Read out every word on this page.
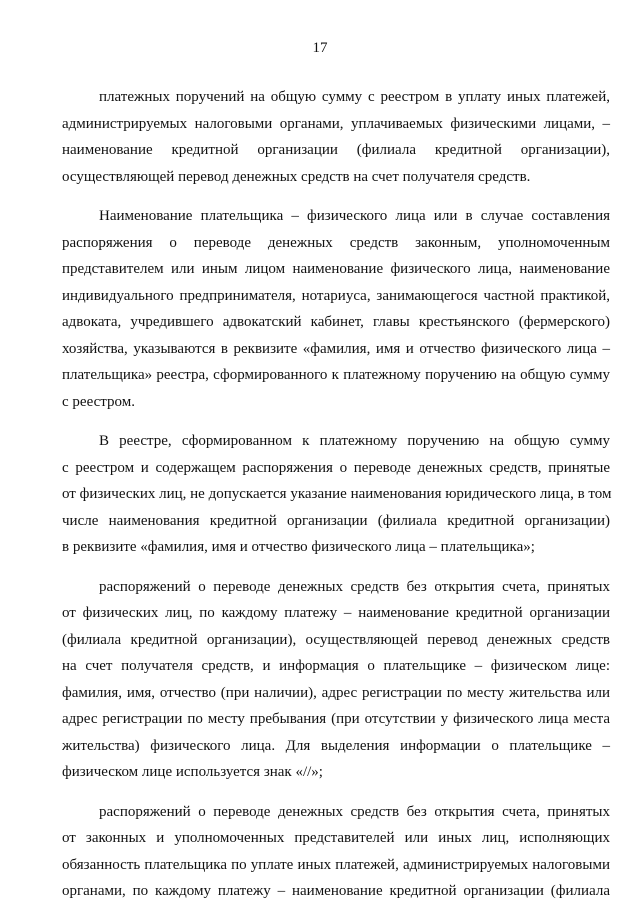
17

платежных поручений на общую сумму с реестром в уплату иных платежей,
администрируемых налоговыми органами, уплачиваемых физическими лицами, –
наименование кредитной организации (филиала кредитной организации),
осуществляющей перевод денежных средств на счет получателя средств.

Наименование плательщика – физического лица или в случае составления
распоряжения о переводе денежных средств законным, уполномоченным
представителем или иным лицом наименование физического лица, наименование
индивидуального предпринимателя, нотариуса, занимающегося частной практикой,
адвоката, учредившего адвокатский кабинет, главы крестьянского (фермерского)
хозяйства, указываются в реквизите «фамилия, имя и отчество физического лица –
плательщика» реестра, сформированного к платежному поручению на общую сумму
с реестром.

В реестре, сформированном к платежному поручению на общую сумму
с реестром и содержащем распоряжения о переводе денежных средств, принятые
от физических лиц, не допускается указание наименования юридического лица, в том
числе наименования кредитной организации (филиала кредитной организации)
в реквизите «фамилия, имя и отчество физического лица – плательщика»;

распоряжений о переводе денежных средств без открытия счета, принятых
от физических лиц, по каждому платежу – наименование кредитной организации
(филиала кредитной организации), осуществляющей перевод денежных средств
на счет получателя средств, и информация о плательщике – физическом лице:
фамилия, имя, отчество (при наличии), адрес регистрации по месту жительства или
адрес регистрации по месту пребывания (при отсутствии у физического лица места
жительства) физического лица. Для выделения информации о плательщике –
физическом лице используется знак «//»;

распоряжений о переводе денежных средств без открытия счета, принятых
от законных и уполномоченных представителей или иных лиц, исполняющих
обязанность плательщика по уплате иных платежей, администрируемых налоговыми
органами, по каждому платежу – наименование кредитной организации (филиала
